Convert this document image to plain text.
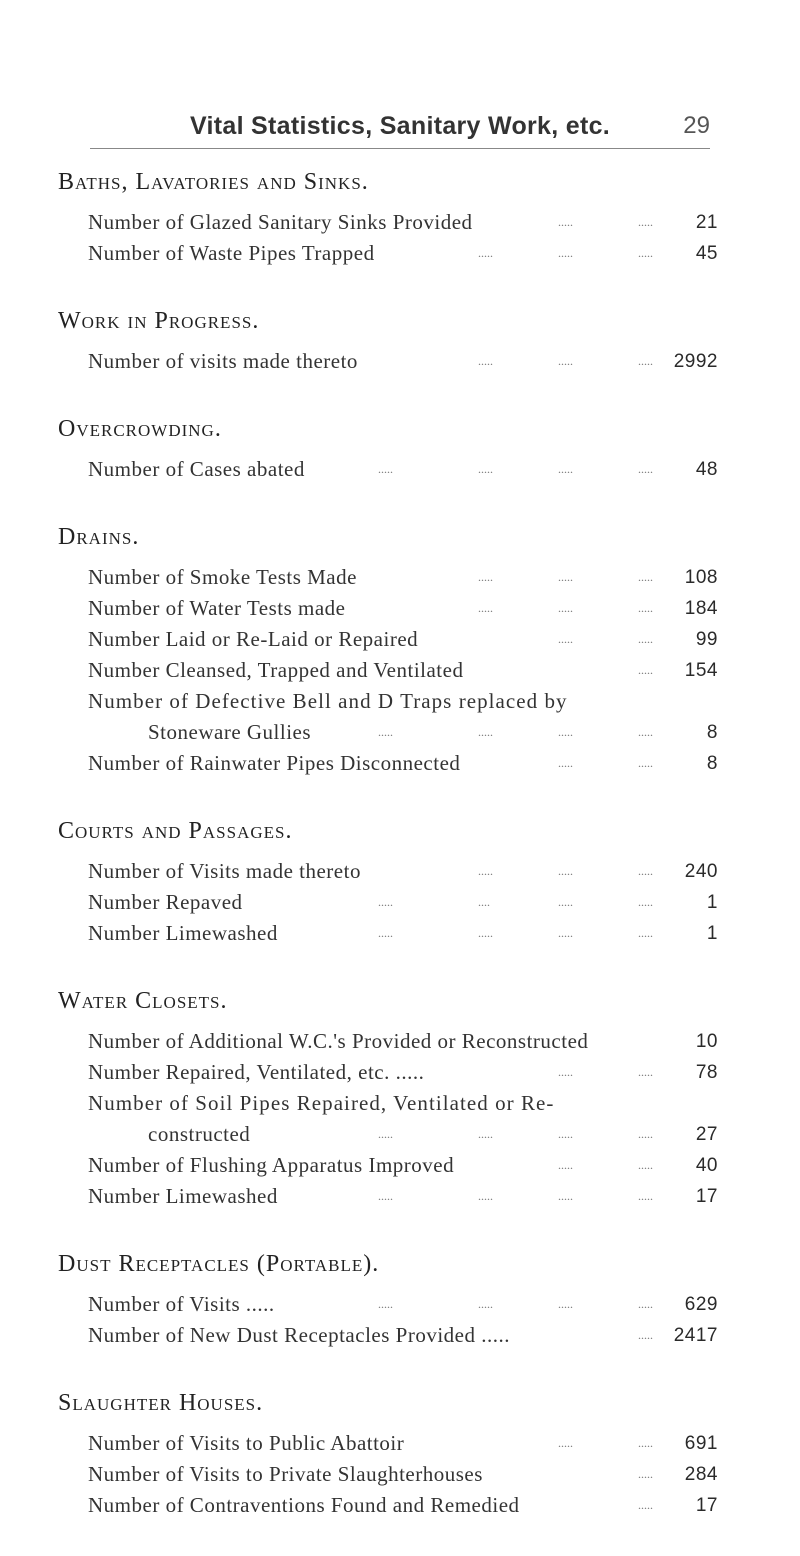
Vital Statistics, Sanitary Work, etc.	29
Baths, Lavatories and Sinks.
Number of Glazed Sanitary Sinks Provided	.....	.....	21
Number of Waste Pipes Trapped	.....	.....	.....	45
Work in Progress.
Number of visits made thereto	.....	.....	.....	2992
Overcrowding.
Number of Cases abated	.....	.....	.....	.....	48
Drains.
Number of Smoke Tests Made	.....	.....	.....	108
Number of Water Tests made	.....	.....	.....	184
Number Laid or Re-Laid or Repaired	.....	.....	99
Number Cleansed, Trapped and Ventilated	.....	154
Number of Defective Bell and D Traps replaced by
Stoneware Gullies	.....	.....	.....	.....	8
Number of Rainwater Pipes Disconnected	.....	.....	8
Courts and Passages.
Number of Visits made thereto	.....	.....	.....	240
Number Repaved	.....	....	.....	.....	1
Number Limewashed	.....	.....	.....	.....	1
Water Closets.
Number of Additional W.C.'s Provided or Reconstructed	10
Number Repaired, Ventilated, etc. .....	.....	.....	78
Number of Soil Pipes Repaired, Ventilated or Re-
constructed	.....	.....	.....	.....	27
Number of Flushing Apparatus Improved	.....	.....	40
Number Limewashed	.....	.....	.....	.....	17
Dust Receptacles (Portable).
Number of Visits .....	.....	.....	.....	.....	629
Number of New Dust Receptacles Provided .....	.....	2417
Slaughter Houses.
Number of Visits to Public Abattoir	.....	.....	691
Number of Visits to Private Slaughterhouses	.....	284
Number of Contraventions Found and Remedied	.....	17
